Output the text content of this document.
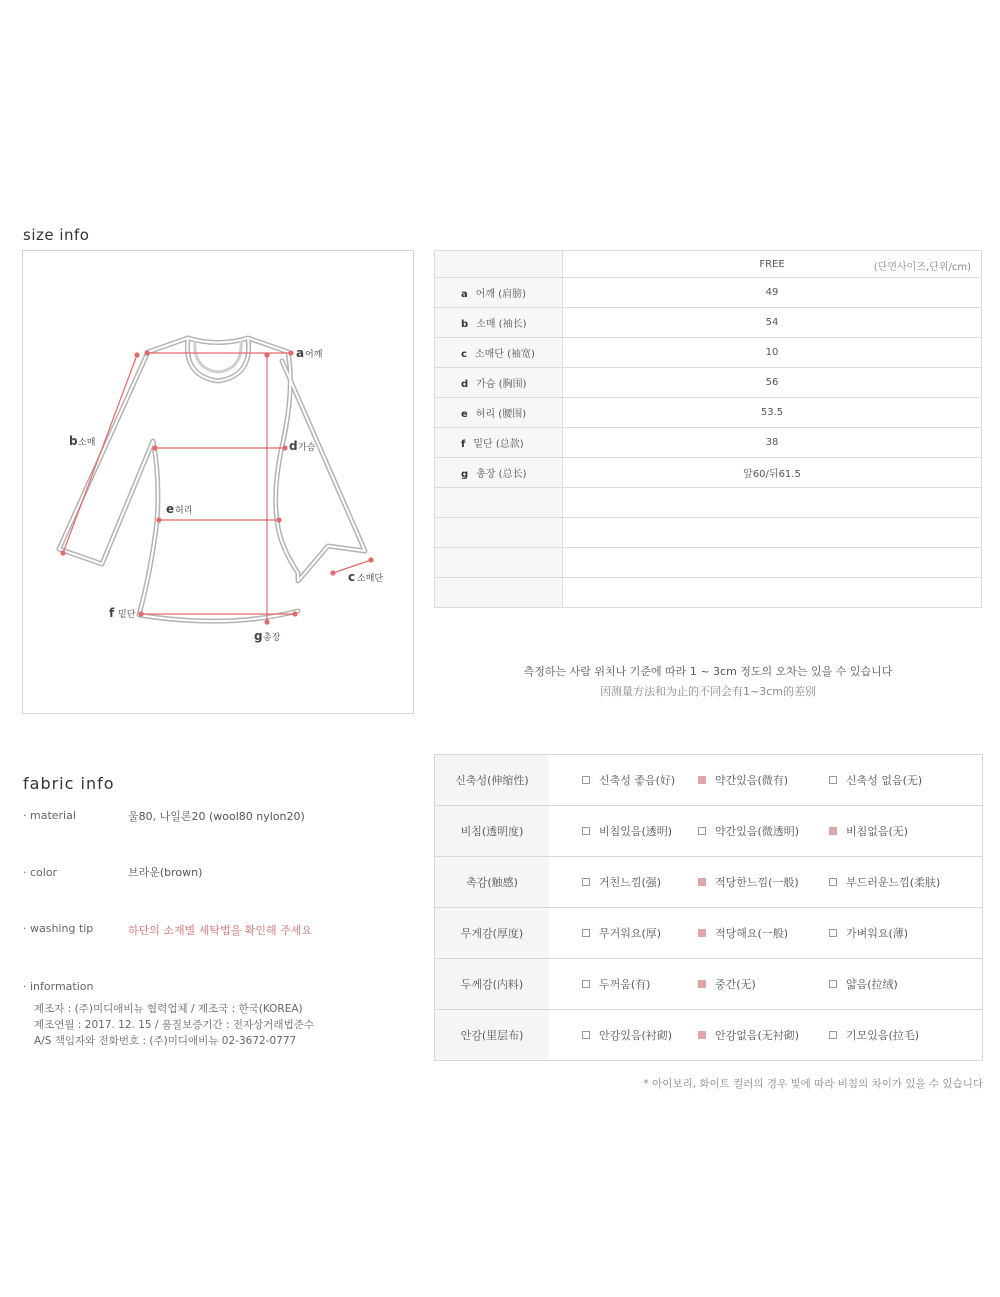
size info
a 어깨
b 소매
c 소매단
d 가슴
e 허리
f 밑단
g 총장
	FREE (단면사이즈,단위/cm)

a 어깨 (肩膀)	49
b 소매 (袖长)	54
c 소매단 (袖宽)	10
d 가슴 (胸围)	56
e 허리 (腰围)	53.5
f 밑단 (总款)	38
g 총장 (总长)	앞60/뒤61.5

측정하는 사람 위치나 기준에 따라 1 ~ 3cm 정도의 오차는 있을 수 있습니다
因测量方法和为止的不同会有1~3cm的差别
fabric info
· material	울80, 나일론20 (wool80 nylon20)
· color	브라운(brown)
· washing tip	하단의 소재별 세탁법을 확인해 주세요
· information
제조자 : (주)미디애비뉴 협력업체 / 제조국 : 한국(KOREA)
제조연월 : 2017. 12. 15 / 품질보증기간 : 전자상거래법준수
A/S 책임자와 전화번호 : (주)미디애비뉴 02-3672-0777
신축성(伸缩性)	신축성 좋음(好) 약간있음(微有) 신축성 없음(无)

비침(透明度)	비침있음(透明) 약간있음(微透明) 비침없음(无)

촉감(触感)	거친느낌(强) 적당한느낌(一般) 부드러운느낌(柔肤)

무게감(厚度)	무거워요(厚) 적당해요(一般) 가벼워요(薄)

두께감(内料)	두꺼움(有) 중간(无) 얇음(拉绒)

안감(里层布)	안감있음(衬砌) 안감없음(无衬砌) 기모있음(拉毛)
* 아이보리, 화이트 컬러의 경우 빛에 따라 비침의 차이가 있을 수 있습니다
